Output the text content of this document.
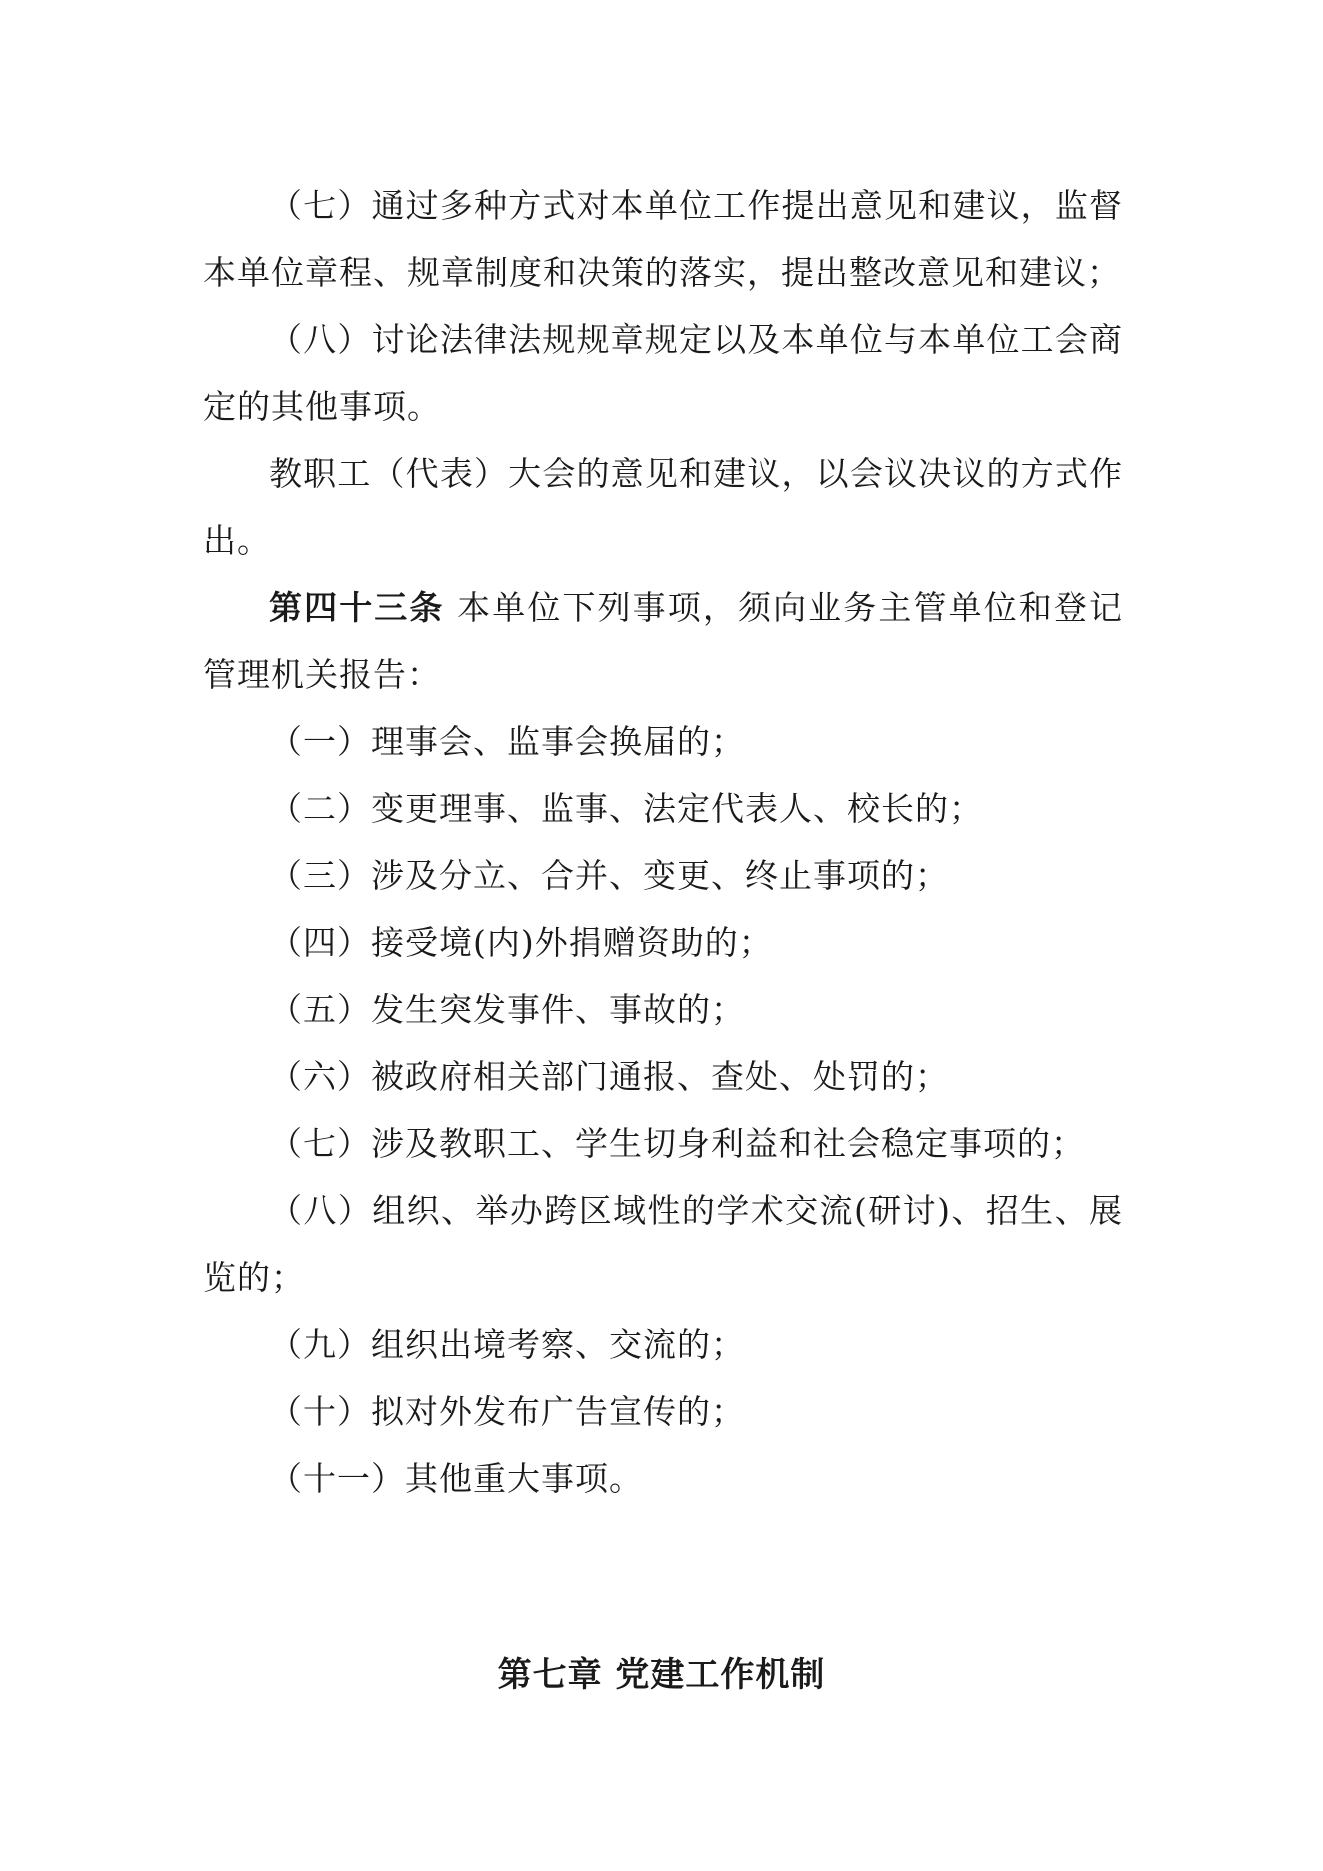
（七）通过多种方式对本单位工作提出意见和建议，监督本单位章程、规章制度和决策的落实，提出整改意见和建议；

（八）讨论法律法规规章规定以及本单位与本单位工会商定的其他事项。

教职工（代表）大会的意见和建议，以会议决议的方式作出。

第四十三条 本单位下列事项，须向业务主管单位和登记管理机关报告：

（一）理事会、监事会换届的；

（二）变更理事、监事、法定代表人、校长的；

（三）涉及分立、合并、变更、终止事项的；

（四）接受境(内)外捐赠资助的；

（五）发生突发事件、事故的；

（六）被政府相关部门通报、查处、处罚的；

（七）涉及教职工、学生切身利益和社会稳定事项的；

（八）组织、举办跨区域性的学术交流(研讨)、招生、展览的；

（九）组织出境考察、交流的；

（十）拟对外发布广告宣传的；

（十一）其他重大事项。

第七章 党建工作机制
